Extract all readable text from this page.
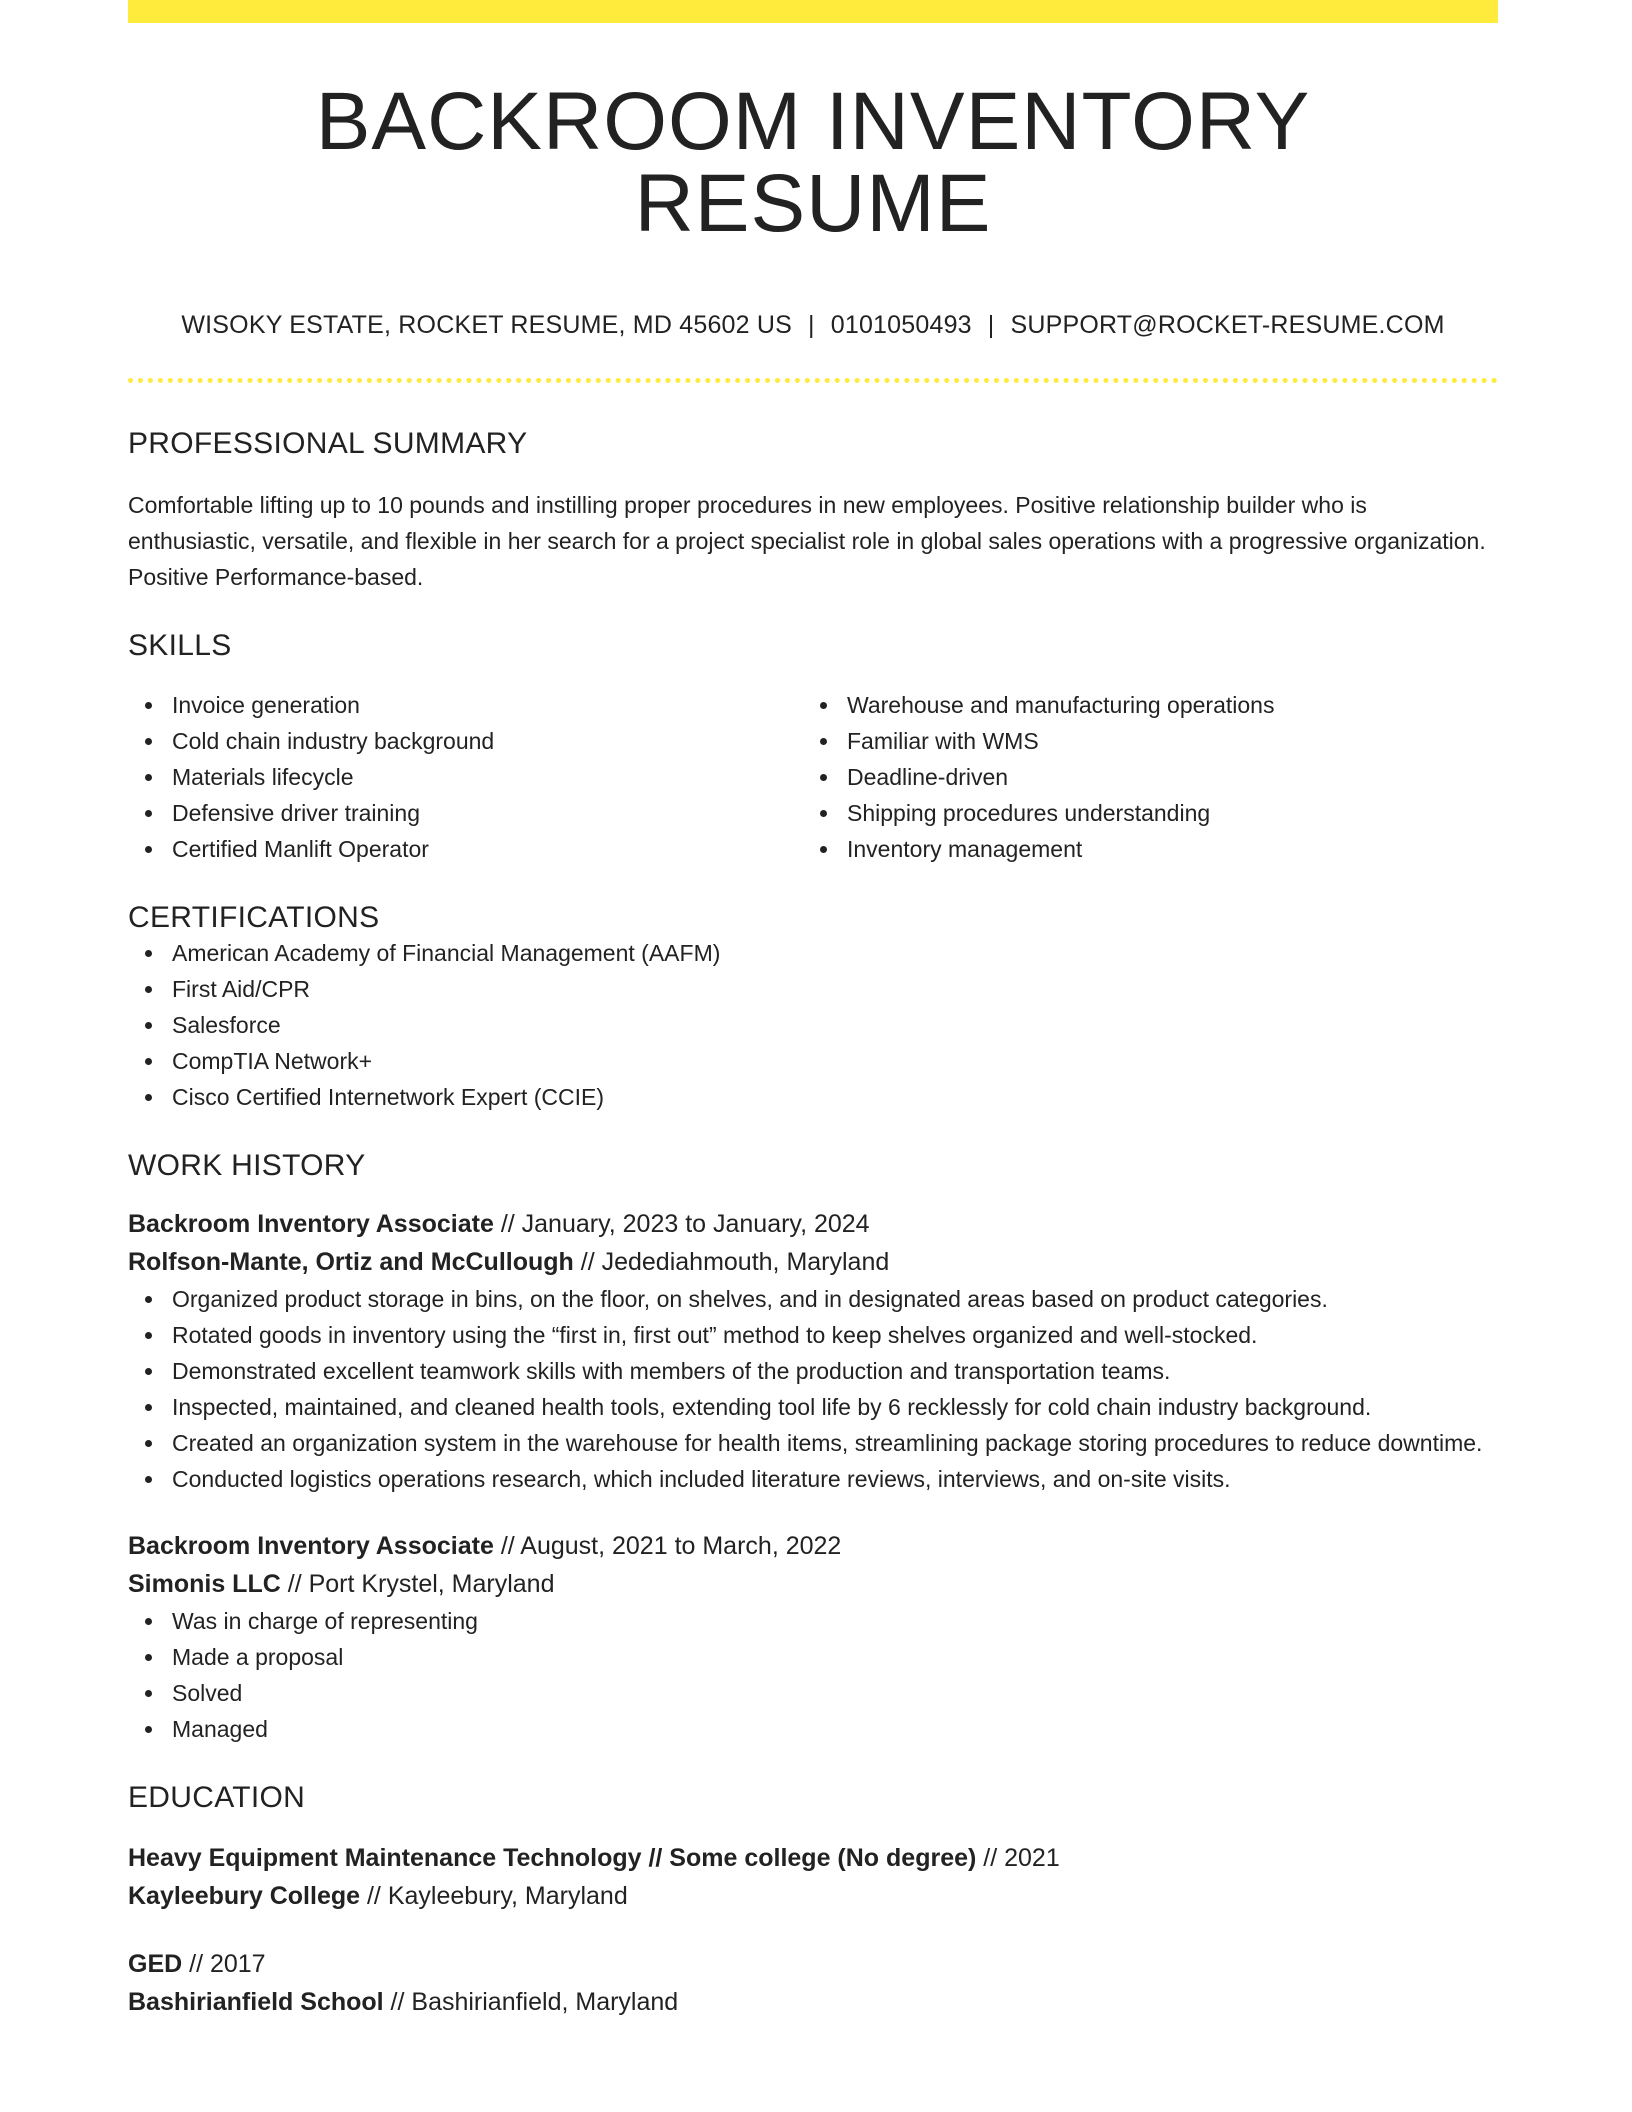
BACKROOM INVENTORY RESUME
WISOKY ESTATE, ROCKET RESUME, MD 45602 US | 0101050493 | SUPPORT@ROCKET-RESUME.COM
PROFESSIONAL SUMMARY

Comfortable lifting up to 10 pounds and instilling proper procedures in new employees. Positive relationship builder who is enthusiastic, versatile, and flexible in her search for a project specialist role in global sales operations with a progressive organization. Positive Performance-based.

SKILLS
Invoice generation
Cold chain industry background
Materials lifecycle
Defensive driver training
Certified Manlift Operator
Warehouse and manufacturing operations
Familiar with WMS
Deadline-driven
Shipping procedures understanding
Inventory management
CERTIFICATIONS
American Academy of Financial Management (AAFM)
First Aid/CPR
Salesforce
CompTIA Network+
Cisco Certified Internetwork Expert (CCIE)
WORK HISTORY
Backroom Inventory Associate // January, 2023 to January, 2024
Rolfson-Mante, Ortiz and McCullough // Jedediahmouth, Maryland
Organized product storage in bins, on the floor, on shelves, and in designated areas based on product categories.
Rotated goods in inventory using the “first in, first out” method to keep shelves organized and well-stocked.
Demonstrated excellent teamwork skills with members of the production and transportation teams.
Inspected, maintained, and cleaned health tools, extending tool life by 6 recklessly for cold chain industry background.
Created an organization system in the warehouse for health items, streamlining package storing procedures to reduce downtime.
Conducted logistics operations research, which included literature reviews, interviews, and on-site visits.
Backroom Inventory Associate // August, 2021 to March, 2022
Simonis LLC // Port Krystel, Maryland
Was in charge of representing
Made a proposal
Solved
Managed
EDUCATION
Heavy Equipment Maintenance Technology // Some college (No degree) // 2021
Kayleebury College // Kayleebury, Maryland
GED // 2017
Bashirianfield School // Bashirianfield, Maryland
